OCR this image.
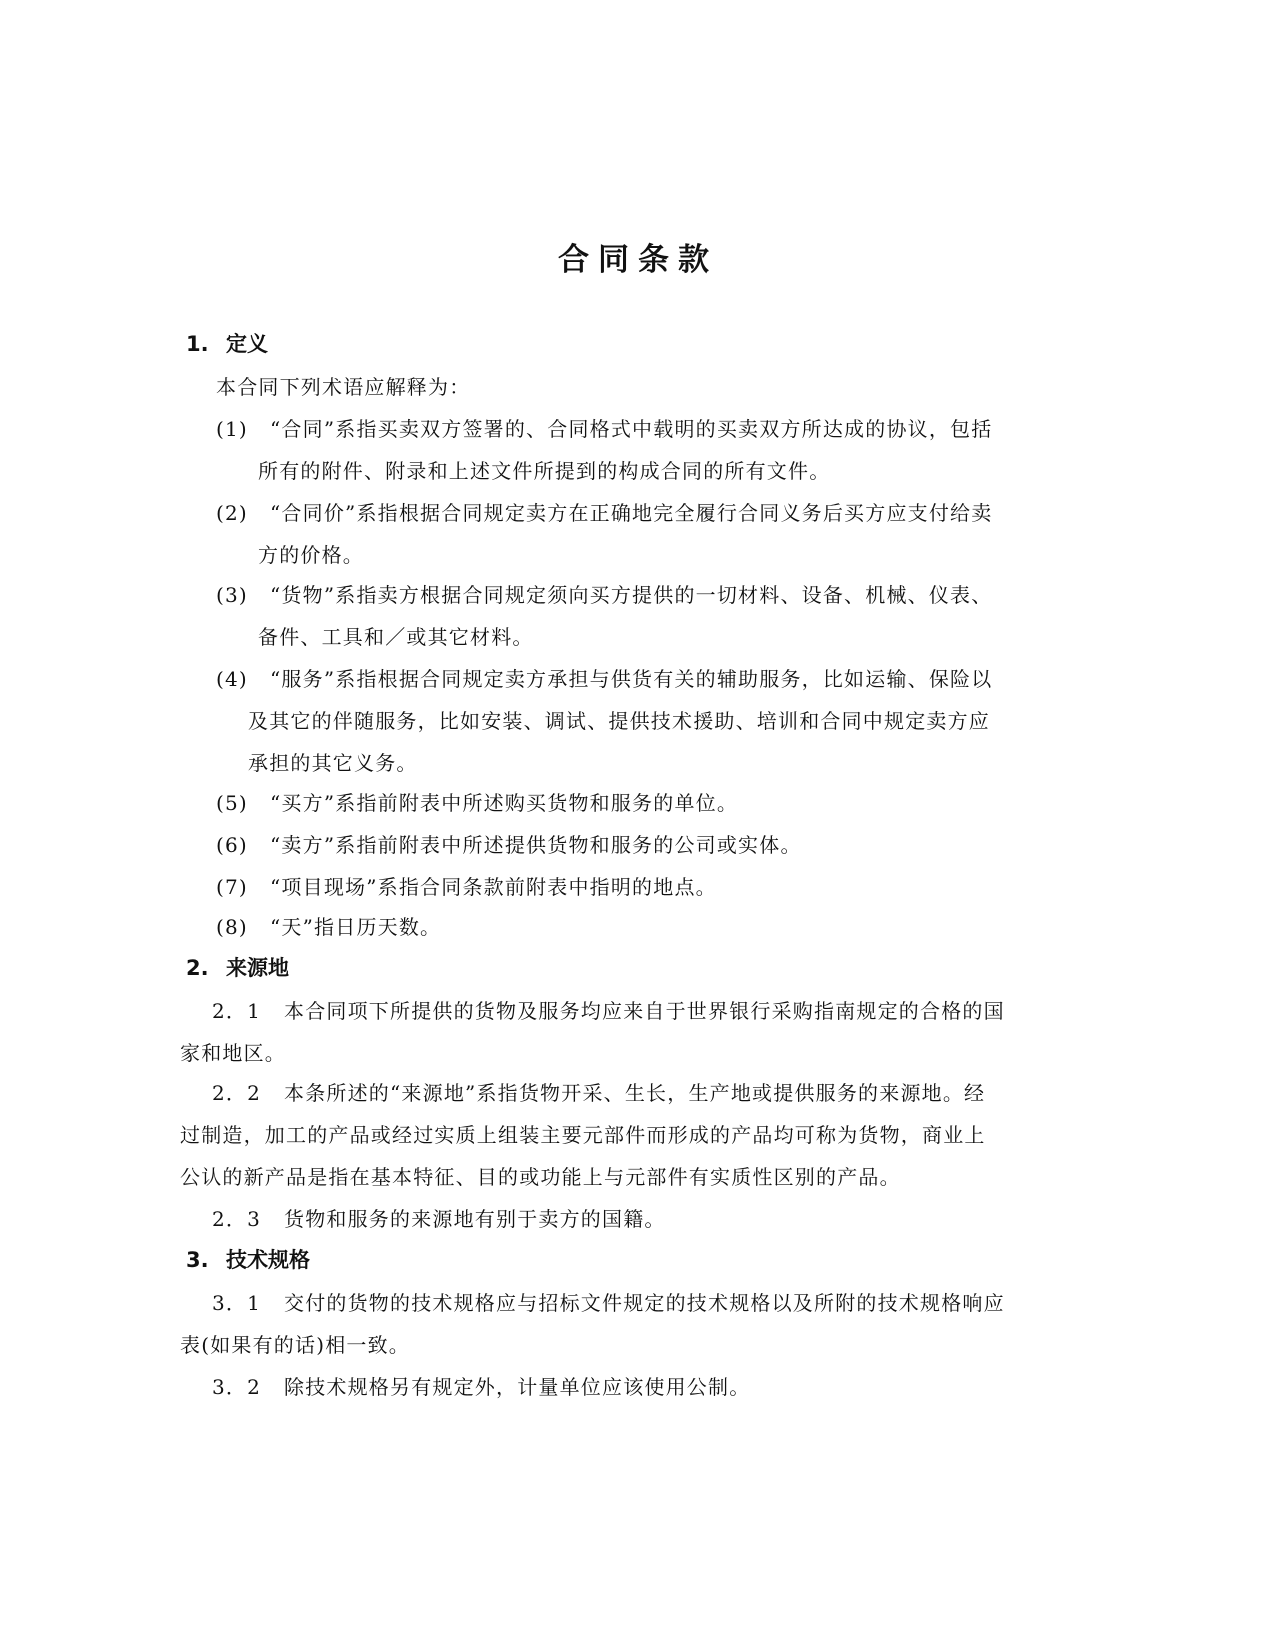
合同条款
1. 定义

本合同下列术语应解释为：

(1) “合同”系指买卖双方签署的、合同格式中载明的买卖双方所达成的协议，包括

所有的附件、附录和上述文件所提到的构成合同的所有文件。

(2) “合同价”系指根据合同规定卖方在正确地完全履行合同义务后买方应支付给卖

方的价格。

(3) “货物”系指卖方根据合同规定须向买方提供的一切材料、设备、机械、仪表、

备件、工具和／或其它材料。

(4) “服务”系指根据合同规定卖方承担与供货有关的辅助服务，比如运输、保险以

及其它的伴随服务，比如安装、调试、提供技术援助、培训和合同中规定卖方应

承担的其它义务。

(5) “买方”系指前附表中所述购买货物和服务的单位。
(6) “卖方”系指前附表中所述提供货物和服务的公司或实体。
(7) “项目现场”系指合同条款前附表中指明的地点。
(8) “天”指日历天数。
2. 来源地
2．1 本合同项下所提供的货物及服务均应来自于世界银行采购指南规定的合格的国

家和地区。

2．2 本条所述的“来源地”系指货物开采、生长，生产地或提供服务的来源地。经

过制造，加工的产品或经过实质上组装主要元部件而形成的产品均可称为货物，商业上

公认的新产品是指在基本特征、目的或功能上与元部件有实质性区别的产品。

2．3 货物和服务的来源地有别于卖方的国籍。
3. 技术规格
3．1 交付的货物的技术规格应与招标文件规定的技术规格以及所附的技术规格响应

表(如果有的话)相一致。

3．2 除技术规格另有规定外，计量单位应该使用公制。
